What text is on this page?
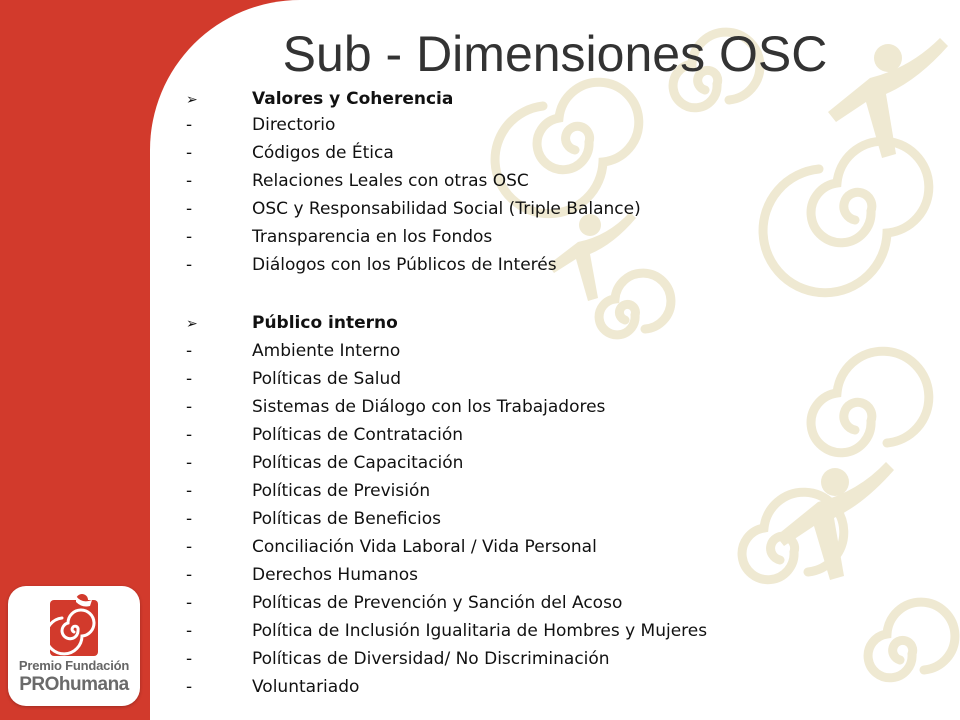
Sub - Dimensiones OSC
➢	Valores y Coherencia
-	Directorio
-	Códigos de Ética
-	Relaciones Leales con otras OSC
-	OSC y Responsabilidad Social (Triple Balance)
-	Transparencia en los Fondos
-	Diálogos con los Públicos de Interés
➢	Público interno
-	Ambiente Interno
-	Políticas de Salud
-	Sistemas de Diálogo con los Trabajadores
-	Políticas de Contratación
-	Políticas de Capacitación
-	Políticas de Previsión
-	Políticas de Beneficios
-	Conciliación Vida Laboral / Vida Personal
-	Derechos Humanos
-	Políticas de Prevención y Sanción del Acoso
-	Política de Inclusión Igualitaria de Hombres y Mujeres
-	Políticas de Diversidad/ No Discriminación
-	Voluntariado
Premio Fundación
PROhumana
